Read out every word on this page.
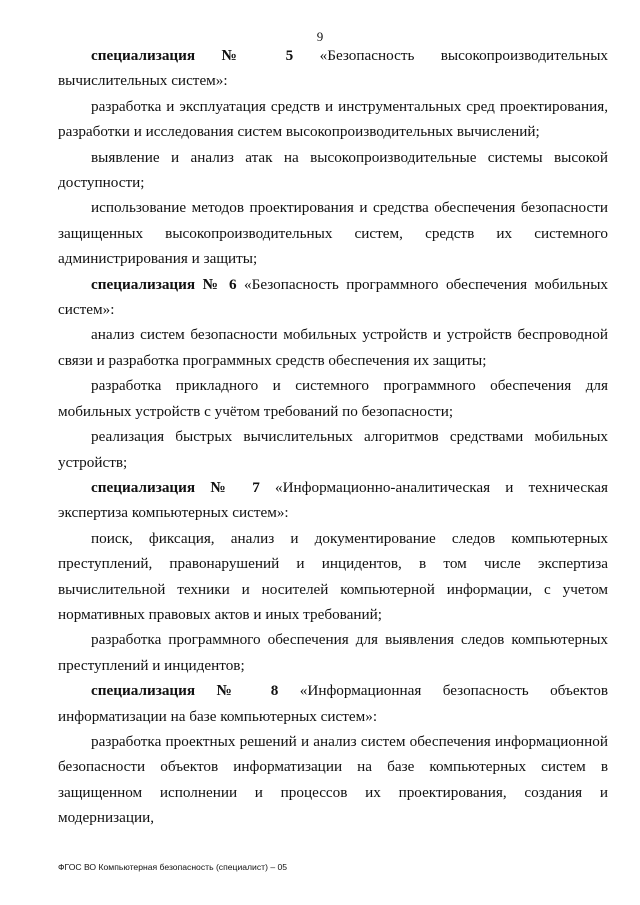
9

специализация № 5 «Безопасность высокопроизводительных вычислительных систем»:

разработка и эксплуатация средств и инструментальных сред проектирования, разработки и исследования систем высокопроизводительных вычислений;

выявление и анализ атак на высокопроизводительные системы высокой доступности;

использование методов проектирования и средства обеспечения безопасности защищенных высокопроизводительных систем, средств их системного администрирования и защиты;

специализация № 6 «Безопасность программного обеспечения мобильных систем»:

анализ систем безопасности мобильных устройств и устройств беспроводной связи и разработка программных средств обеспечения их защиты;

разработка прикладного и системного программного обеспечения для мобильных устройств с учётом требований по безопасности;

реализация быстрых вычислительных алгоритмов средствами мобильных устройств;

специализация № 7 «Информационно-аналитическая и техническая экспертиза компьютерных систем»:

поиск, фиксация, анализ и документирование следов компьютерных преступлений, правонарушений и инцидентов, в том числе экспертиза вычислительной техники и носителей компьютерной информации, с учетом нормативных правовых актов и иных требований;

разработка программного обеспечения для выявления следов компьютерных преступлений и инцидентов;

специализация № 8 «Информационная безопасность объектов информатизации на базе компьютерных систем»:

разработка проектных решений и анализ систем обеспечения информационной безопасности объектов информатизации на базе компьютерных систем в защищенном исполнении и процессов их проектирования, создания и модернизации,

ФГОС ВО Компьютерная безопасность (специалист) – 05
